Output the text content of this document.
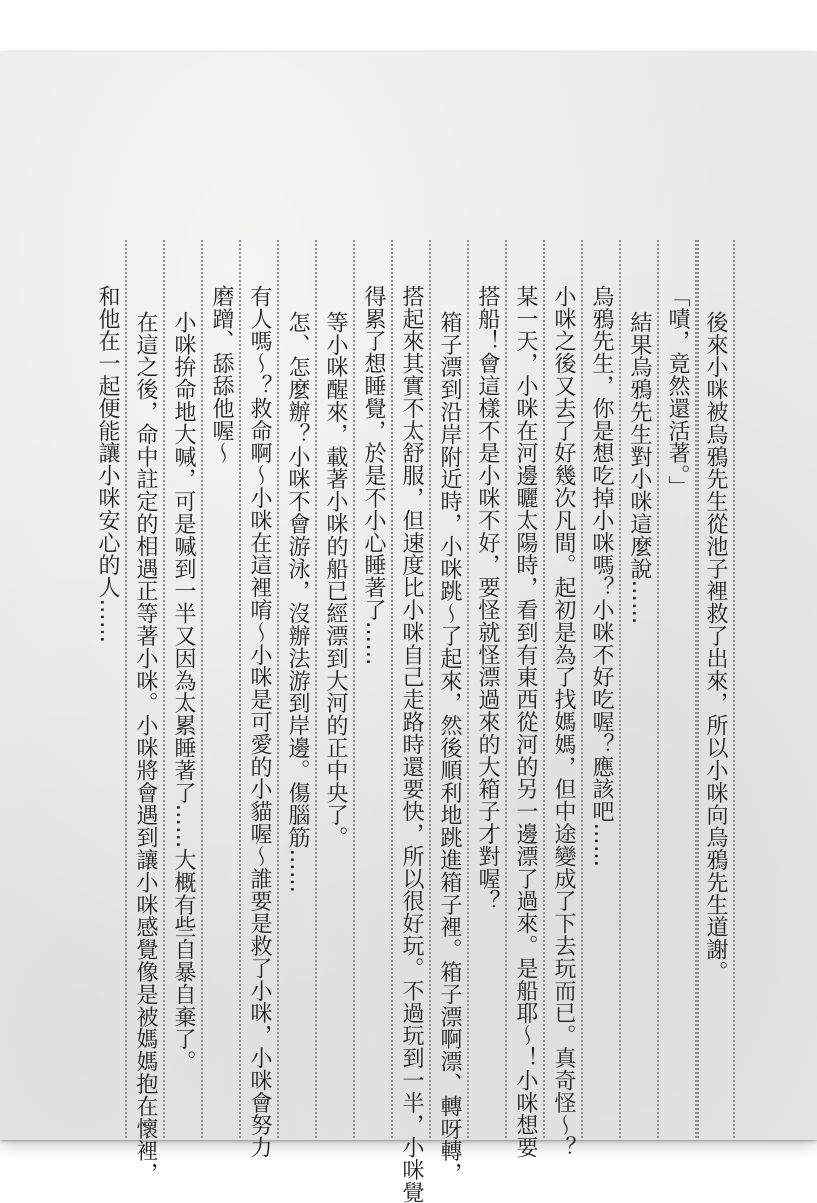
後來小咪被烏鴉先生從池子裡救了出來，所以小咪向烏鴉先生道謝。
「嘖，竟然還活著。」
結果烏鴉先生對小咪這麼說……
烏鴉先生，你是想吃掉小咪嗎？小咪不好吃喔？應該吧……
小咪之後又去了好幾次凡間。起初是為了找媽媽，但中途變成了下去玩而已。真奇怪～？
某一天，小咪在河邊曬太陽時，看到有東西從河的另一邊漂了過來。是船耶～！小咪想要
搭船！會這樣不是小咪不好，要怪就怪漂過來的大箱子才對喔？
箱子漂到沿岸附近時，小咪跳～了起來，然後順利地跳進箱子裡。箱子漂啊漂、轉呀轉，
搭起來其實不太舒服，但速度比小咪自己走路時還要快，所以很好玩。不過玩到一半，小咪覺
得累了想睡覺，於是不小心睡著了……
等小咪醒來，載著小咪的船已經漂到大河的正中央了。
怎、怎麼辦？小咪不會游泳，沒辦法游到岸邊。傷腦筋……
有人嗎～？救命啊～小咪在這裡唷～小咪是可愛的小貓喔～誰要是救了小咪，小咪會努力
磨蹭、舔舔他喔～
小咪拚命地大喊，可是喊到一半又因為太累睡著了……大概有些自暴自棄了。
在這之後，命中註定的相遇正等著小咪。小咪將會遇到讓小咪感覺像是被媽媽抱在懷裡，
和他在一起便能讓小咪安心的人……
